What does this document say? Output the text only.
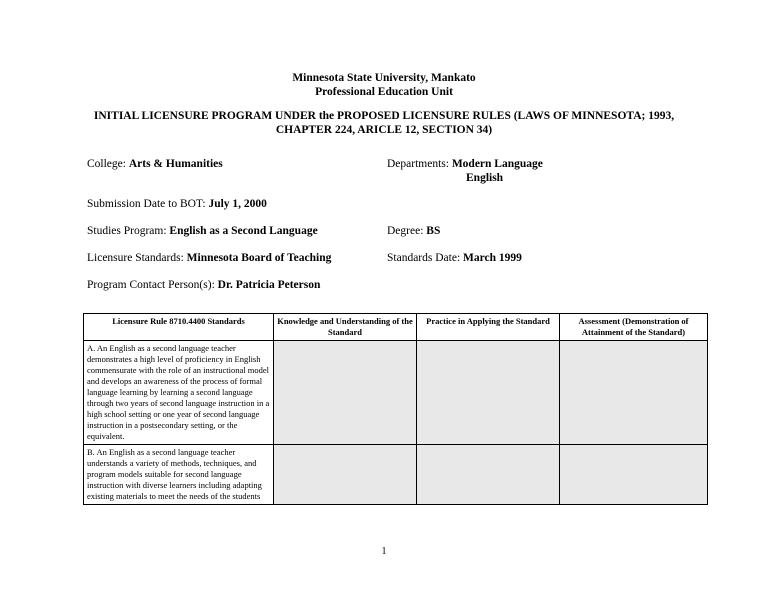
Minnesota State University, Mankato
Professional Education Unit
INITIAL LICENSURE PROGRAM UNDER the PROPOSED LICENSURE RULES (LAWS OF MINNESOTA; 1993, CHAPTER 224, ARICLE 12, SECTION 34)
College: Arts & Humanities	Departments: Modern Language
English
Submission Date to BOT: July 1, 2000
Studies Program: English as a Second Language	Degree: BS
Licensure Standards: Minnesota Board of Teaching	Standards Date: March 1999
Program Contact Person(s): Dr. Patricia Peterson
Licensure Rule 8710.4400 Standards	Knowledge and Understanding of the Standard	Practice in Applying the Standard	Assessment (Demonstration of Attainment of the Standard)
A. An English as a second language teacher demonstrates a high level of proficiency in English commensurate with the role of an instructional model and develops an awareness of the process of formal language learning by learning a second language through two years of second language instruction in a high school setting or one year of second language instruction in a postsecondary setting, or the equivalent.			
B. An English as a second language teacher understands a variety of methods, techniques, and program models suitable for second language instruction with diverse learners including adapting existing materials to meet the needs of the students			
1
